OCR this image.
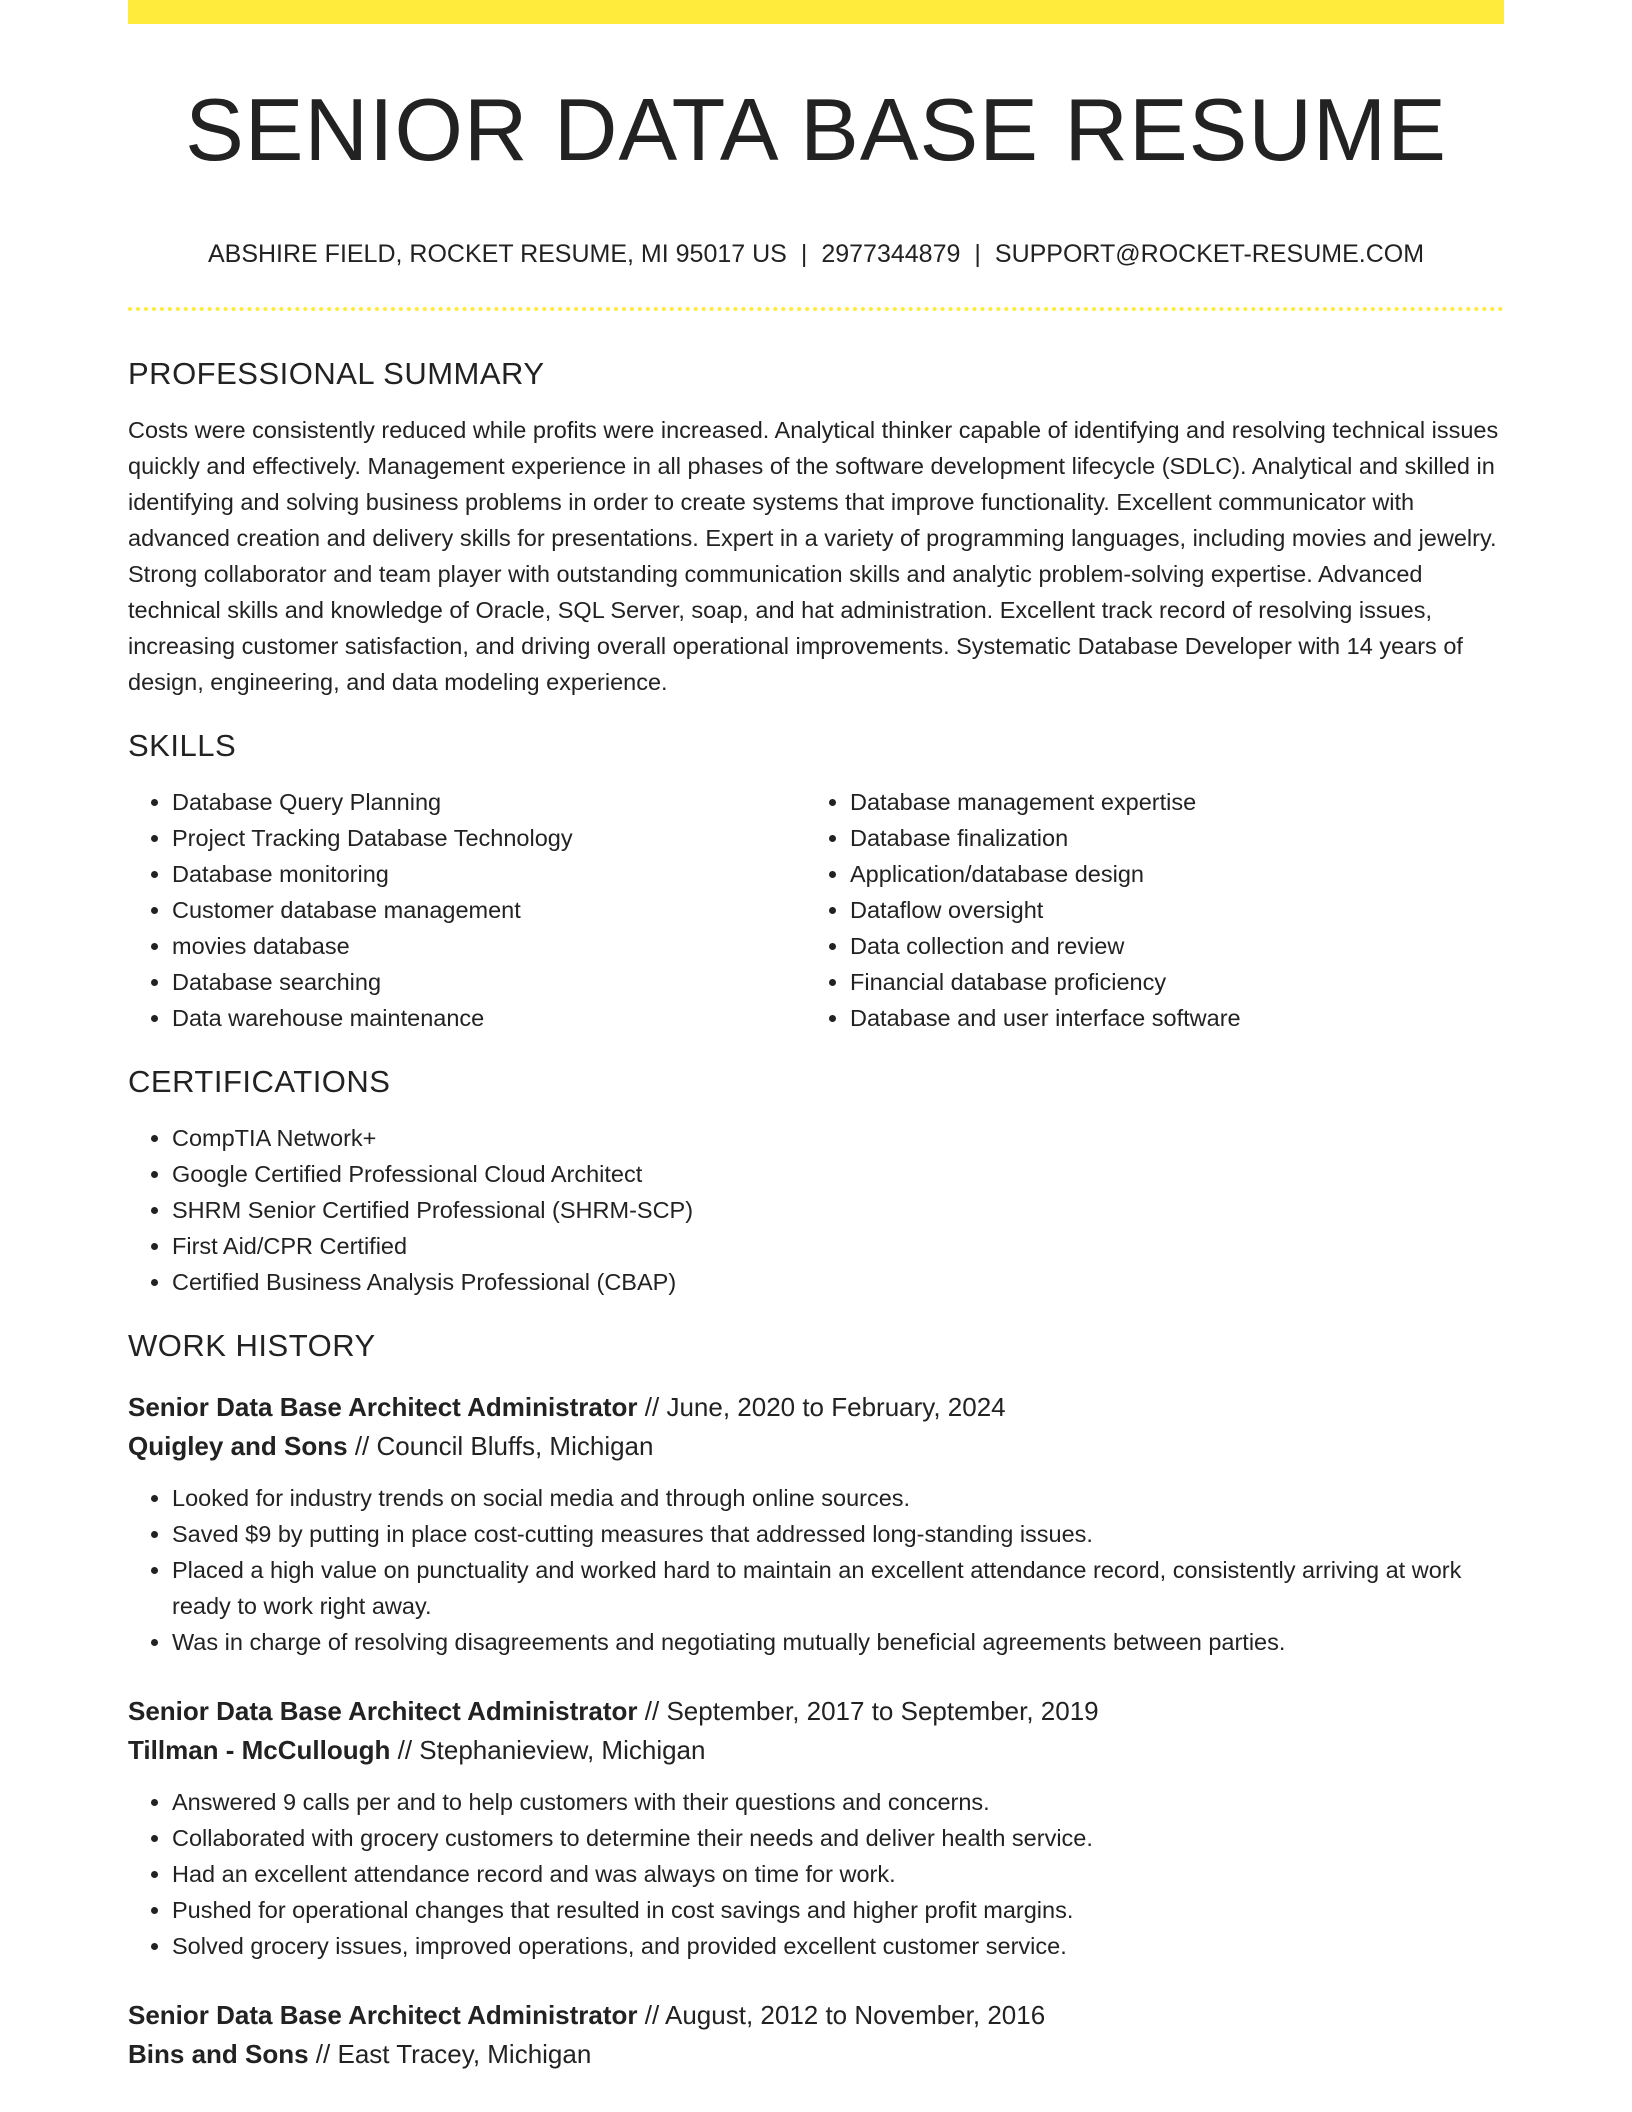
SENIOR DATA BASE RESUME
ABSHIRE FIELD, ROCKET RESUME, MI 95017 US | 2977344879 | SUPPORT@ROCKET-RESUME.COM
PROFESSIONAL SUMMARY

Costs were consistently reduced while profits were increased. Analytical thinker capable of identifying and resolving technical issues quickly and effectively. Management experience in all phases of the software development lifecycle (SDLC). Analytical and skilled in identifying and solving business problems in order to create systems that improve functionality. Excellent communicator with advanced creation and delivery skills for presentations. Expert in a variety of programming languages, including movies and jewelry. Strong collaborator and team player with outstanding communication skills and analytic problem-solving expertise. Advanced technical skills and knowledge of Oracle, SQL Server, soap, and hat administration. Excellent track record of resolving issues, increasing customer satisfaction, and driving overall operational improvements. Systematic Database Developer with 14 years of design, engineering, and data modeling experience.

SKILLS
• Database Query Planning
• Project Tracking Database Technology
• Database monitoring
• Customer database management
• movies database
• Database searching
• Data warehouse maintenance
• Database management expertise
• Database finalization
• Application/database design
• Dataflow oversight
• Data collection and review
• Financial database proficiency
• Database and user interface software
CERTIFICATIONS
• CompTIA Network+
• Google Certified Professional Cloud Architect
• SHRM Senior Certified Professional (SHRM-SCP)
• First Aid/CPR Certified
• Certified Business Analysis Professional (CBAP)
WORK HISTORY
Senior Data Base Architect Administrator // June, 2020 to February, 2024
Quigley and Sons // Council Bluffs, Michigan
• Looked for industry trends on social media and through online sources.
• Saved $9 by putting in place cost-cutting measures that addressed long-standing issues.
• Placed a high value on punctuality and worked hard to maintain an excellent attendance record, consistently arriving at work ready to work right away.
• Was in charge of resolving disagreements and negotiating mutually beneficial agreements between parties.
Senior Data Base Architect Administrator // September, 2017 to September, 2019
Tillman - McCullough // Stephanieview, Michigan
• Answered 9 calls per and to help customers with their questions and concerns.
• Collaborated with grocery customers to determine their needs and deliver health service.
• Had an excellent attendance record and was always on time for work.
• Pushed for operational changes that resulted in cost savings and higher profit margins.
• Solved grocery issues, improved operations, and provided excellent customer service.
Senior Data Base Architect Administrator // August, 2012 to November, 2016
Bins and Sons // East Tracey, Michigan
